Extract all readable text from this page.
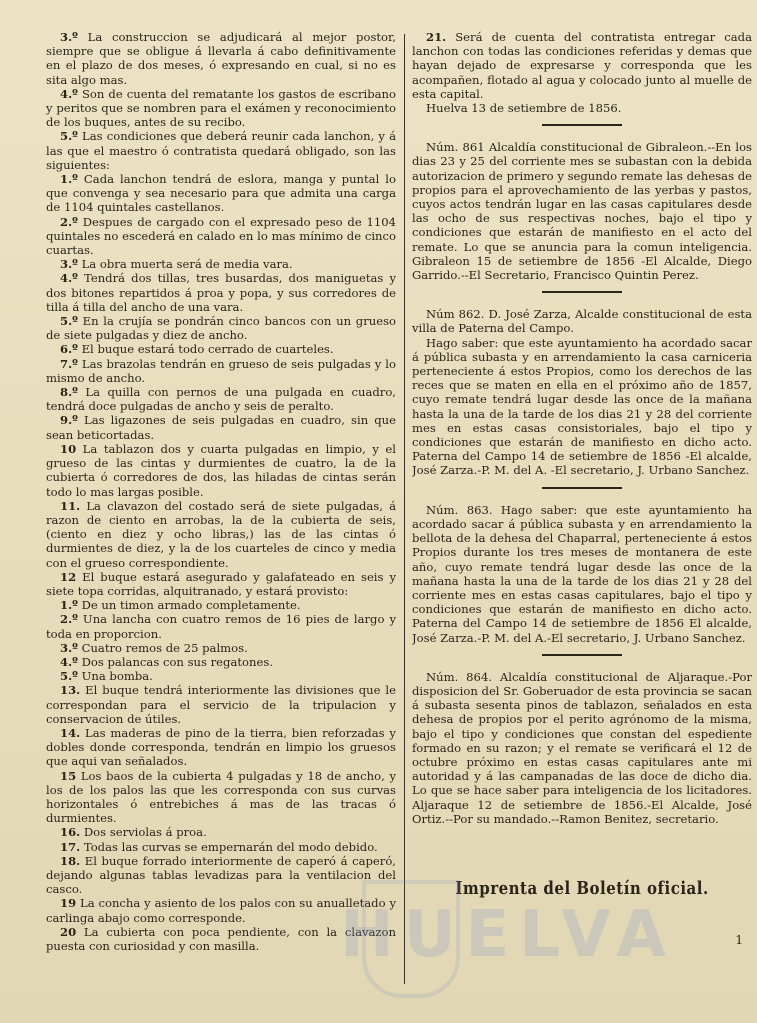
3.º La construccion se adjudicará al mejor postor, siempre que se obligue á llevarla á cabo definitivamente en el plazo de dos meses, ó expresando en cual, si no es sita algo mas.

4.º Son de cuenta del rematante los gastos de escribano y peritos que se nombren para el exámen y reconocimiento de los buques, antes de su recibo.

5.º Las condiciones que deberá reunir cada lanchon, y á las que el maestro ó contratista quedará obligado, son las siguientes:

1.º Cada lanchon tendrá de eslora, manga y puntal lo que convenga y sea necesario para que admita una carga de 1104 quintales castellanos.

2.º Despues de cargado con el expresado peso de 1104 quintales no escederá en calado en lo mas mínimo de cinco cuartas.

3.º La obra muerta será de media vara.

4.º Tendrá dos tillas, tres busardas, dos maniguetas y dos bitones repartidos á proa y popa, y sus corredores de tilla á tilla del ancho de una vara.

5.º En la crujía se pondrán cinco bancos con un grueso de siete pulgadas y diez de ancho.

6.º El buque estará todo cerrado de cuarteles.

7.º Las brazolas tendrán en grueso de seis pulgadas y lo mismo de ancho.

8.º La quilla con pernos de una pulgada en cuadro, tendrá doce pulgadas de ancho y seis de peralto.

9.º Las ligazones de seis pulgadas en cuadro, sin que sean beticortadas.

10 La tablazon dos y cuarta pulgadas en limpio, y el grueso de las cintas y durmientes de cuatro, la de la cubierta ó corredores de dos, las hiladas de cintas serán todo lo mas largas posible.

11. La clavazon del costado será de siete pulgadas, á razon de ciento en arrobas, la de la cubierta de seis, (ciento en diez y ocho libras,) las de las cintas ó durmientes de diez, y la de los cuarteles de cinco y media con el grueso correspondiente.

12 El buque estará asegurado y galafateado en seis y siete topa corridas, alquitranado, y estará provisto:

1.º De un timon armado completamente.

2.º Una lancha con cuatro remos de 16 pies de largo y toda en proporcion.

3.º Cuatro remos de 25 palmos.

4.º Dos palancas con sus regatones.

5.º Una bomba.

13. El buque tendrá interiormente las divisiones que le correspondan para el servicio de la tripulacion y conservacion de útiles.

14. Las maderas de pino de la tierra, bien reforzadas y dobles donde corresponda, tendrán en limpio los gruesos que aqui van señalados.

15 Los baos de la cubierta 4 pulgadas y 18 de ancho, y los de los palos las que les corresponda con sus curvas horizontales ó entrebiches á mas de las tracas ó durmientes.

16. Dos serviolas á proa.

17. Todas las curvas se empernarán del modo debido.

18. El buque forrado interiormente de caperó á caperó, dejando algunas tablas levadizas para la ventilacion del casco.

19 La concha y asiento de los palos con su anualletado y carlinga abajo como corresponde.

20 La cubierta con poca pendiente, con la clavazon puesta con curiosidad y con masilla.

21. Será de cuenta del contratista entregar cada lanchon con todas las condiciones referidas y demas que hayan dejado de expresarse y corresponda que les acompañen, flotado al agua y colocado junto al muelle de esta capital.

Huelva 13 de setiembre de 1856.

Núm. 861 Alcaldía constitucional de Gibraleon.--En los dias 23 y 25 del corriente mes se subastan con la debida autorizacion de primero y segundo remate las dehesas de propios para el aprovechamiento de las yerbas y pastos, cuyos actos tendrán lugar en las casas capitulares desde las ocho de sus respectivas noches, bajo el tipo y condiciones que estarán de manifiesto en el acto del remate. Lo que se anuncia para la comun inteligencia. Gibraleon 15 de setiembre de 1856 -El Alcalde, Diego Garrido.--El Secretario, Francisco Quintin Perez.

Núm 862. D. José Zarza, Alcalde constitucional de esta villa de Paterna del Campo.

Hago saber: que este ayuntamiento ha acordado sacar á pública subasta y en arrendamiento la casa carniceria perteneciente á estos Propios, como los derechos de las reces que se maten en ella en el próximo año de 1857, cuyo remate tendrá lugar desde las once de la mañana hasta la una de la tarde de los dias 21 y 28 del corriente mes en estas casas consistoriales, bajo el tipo y condiciones que estarán de manifiesto en dicho acto. Paterna del Campo 14 de setiembre de 1856 -El alcalde, José Zarza.-P. M. del A. -El secretario, J. Urbano Sanchez.

Núm. 863. Hago saber: que este ayuntamiento ha acordado sacar á pública subasta y en arrendamiento la bellota de la dehesa del Chaparral, perteneciente á estos Propios durante los tres meses de montanera de este año, cuyo remate tendrá lugar desde las once de la mañana hasta la una de la tarde de los dias 21 y 28 del corriente mes en estas casas capitulares, bajo el tipo y condiciones que estarán de manifiesto en dicho acto. Paterna del Campo 14 de setiembre de 1856 El alcalde, José Zarza.-P. M. del A.-El secretario, J. Urbano Sanchez.

Núm. 864. Alcaldía constitucional de Aljaraque.-Por disposicion del Sr. Goberuador de esta provincia se sacan á subasta sesenta pinos de tablazon, señalados en esta dehesa de propios por el perito agrónomo de la misma, bajo el tipo y condiciones que constan del espediente formado en su razon; y el remate se verificará el 12 de octubre próximo en estas casas capitulares ante mi autoridad y á las campanadas de las doce de dicho dia. Lo que se hace saber para inteligencia de los licitadores. Aljaraque 12 de setiembre de 1856.-El Alcalde, José Ortiz.--Por su mandado.--Ramon Benitez, secretario.

Imprenta del Boletín oficial.
HUELVA	1
